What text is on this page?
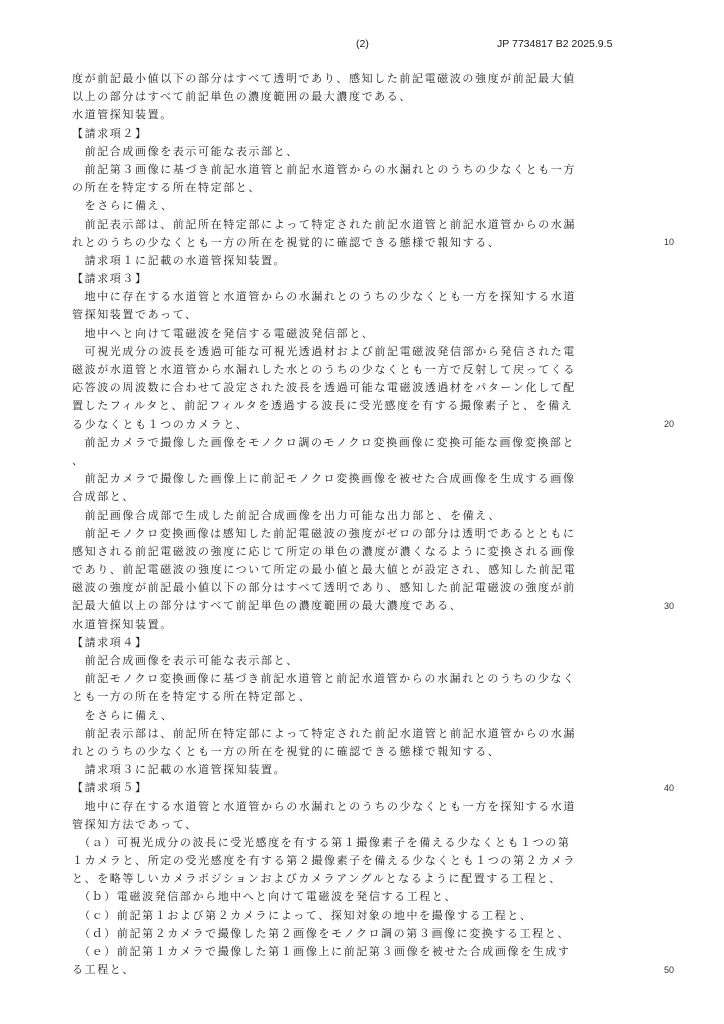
(2)	JP 7734817 B2 2025.9.5
度が前記最小値以下の部分はすべて透明であり、感知した前記電磁波の強度が前記最大値
以上の部分はすべて前記単色の濃度範囲の最大濃度である、
水道管探知装置。
【請求項２】
　前記合成画像を表示可能な表示部と、
　前記第３画像に基づき前記水道管と前記水道管からの水漏れとのうちの少なくとも一方
の所在を特定する所在特定部と、
　をさらに備え、
　前記表示部は、前記所在特定部によって特定された前記水道管と前記水道管からの水漏
れとのうちの少なくとも一方の所在を視覚的に確認できる態様で報知する、
　請求項１に記載の水道管探知装置。
【請求項３】
　地中に存在する水道管と水道管からの水漏れとのうちの少なくとも一方を探知する水道
管探知装置であって、
　地中へと向けて電磁波を発信する電磁波発信部と、
　可視光成分の波長を透過可能な可視光透過材および前記電磁波発信部から発信された電
磁波が水道管と水道管から水漏れした水とのうちの少なくとも一方で反射して戻ってくる
応答波の周波数に合わせて設定された波長を透過可能な電磁波透過材をパターン化して配
置したフィルタと、前記フィルタを透過する波長に受光感度を有する撮像素子と、を備え
る少なくとも１つのカメラと、
　前記カメラで撮像した画像をモノクロ調のモノクロ変換画像に変換可能な画像変換部と
、
　前記カメラで撮像した画像上に前記モノクロ変換画像を被せた合成画像を生成する画像
合成部と、
　前記画像合成部で生成した前記合成画像を出力可能な出力部と、を備え、
　前記モノクロ変換画像は感知した前記電磁波の強度がゼロの部分は透明であるとともに
感知される前記電磁波の強度に応じて所定の単色の濃度が濃くなるように変換される画像
であり、前記電磁波の強度について所定の最小値と最大値とが設定され、感知した前記電
磁波の強度が前記最小値以下の部分はすべて透明であり、感知した前記電磁波の強度が前
記最大値以上の部分はすべて前記単色の濃度範囲の最大濃度である、
水道管探知装置。
【請求項４】
　前記合成画像を表示可能な表示部と、
　前記モノクロ変換画像に基づき前記水道管と前記水道管からの水漏れとのうちの少なく
とも一方の所在を特定する所在特定部と、
　をさらに備え、
　前記表示部は、前記所在特定部によって特定された前記水道管と前記水道管からの水漏
れとのうちの少なくとも一方の所在を視覚的に確認できる態様で報知する、
　請求項３に記載の水道管探知装置。
【請求項５】
　地中に存在する水道管と水道管からの水漏れとのうちの少なくとも一方を探知する水道
管探知方法であって、
　（ａ）可視光成分の波長に受光感度を有する第１撮像素子を備える少なくとも１つの第
１カメラと、所定の受光感度を有する第２撮像素子を備える少なくとも１つの第２カメラ
と、を略等しいカメラポジションおよびカメラアングルとなるように配置する工程と、
　（ｂ）電磁波発信部から地中へと向けて電磁波を発信する工程と、
　（ｃ）前記第１および第２カメラによって、探知対象の地中を撮像する工程と、
　（ｄ）前記第２カメラで撮像した第２画像をモノクロ調の第３画像に変換する工程と、
　（ｅ）前記第１カメラで撮像した第１画像上に前記第３画像を被せた合成画像を生成す
る工程と、
10
20
30
40
50
